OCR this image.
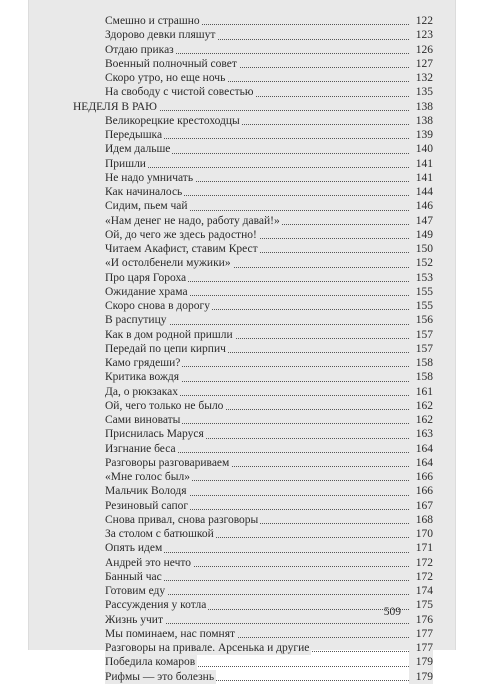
Смешно и страшно	122
Здорово девки пляшут	123
Отдаю приказ	126
Военный полночный совет	127
Скоро утро, но еще ночь	132
На свободу с чистой совестью	135
НЕДЕЛЯ В РАЮ	138
Великорецкие крестоходцы	138
Передышка	139
Идем дальше	140
Пришли	141
Не надо умничать	141
Как начиналось	144
Сидим, пьем чай	146
«Нам денег не надо, работу давай!»	147
Ой, до чего же здесь радостно!	149
Читаем Акафист, ставим Крест	150
«И остолбенели мужики»	152
Про царя Гороха	153
Ожидание храма	155
Скоро снова в дорогу	155
В распутицу	156
Как в дом родной пришли	157
Передай по цепи кирпич	157
Камо грядеши?	158
Критика вождя	158
Да, о рюкзаках	161
Ой, чего только не было	162
Сами виноваты	162
Приснилась Маруся	163
Изгнание беса	164
Разговоры разговариваем	164
«Мне голос был»	166
Мальчик Володя	166
Резиновый сапог	167
Снова привал, снова разговоры	168
За столом с батюшкой	170
Опять идем	171
Андрей это нечто	172
Банный час	172
Готовим еду	174
Рассуждения у котла	175
Жизнь учит	176
Мы поминаем, нас помнят	177
Разговоры на привале. Арсенька и другие	177
Победила комаров	179
Рифмы — это болезнь	179
509
